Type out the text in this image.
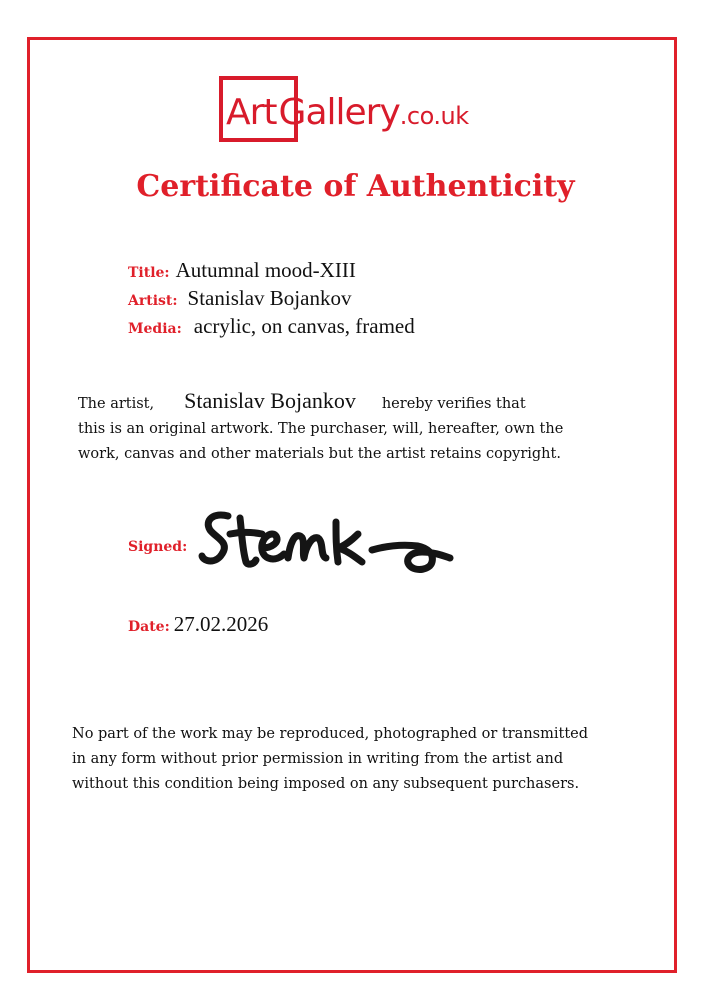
ArtGallery.co.uk
Certificate of Authenticity
Title: Autumnal mood-XIII
Artist: Stanislav Bojankov
Media: acrylic, on canvas, framed
The artist, Stanislav Bojankov hereby verifies that
this is an original artwork. The purchaser, will, hereafter, own the
work, canvas and other materials but the artist retains copyright.
Signed:
Date: 27.02.2026
No part of the work may be reproduced, photographed or transmitted
in any form without prior permission in writing from the artist and
without this condition being imposed on any subsequent purchasers.
